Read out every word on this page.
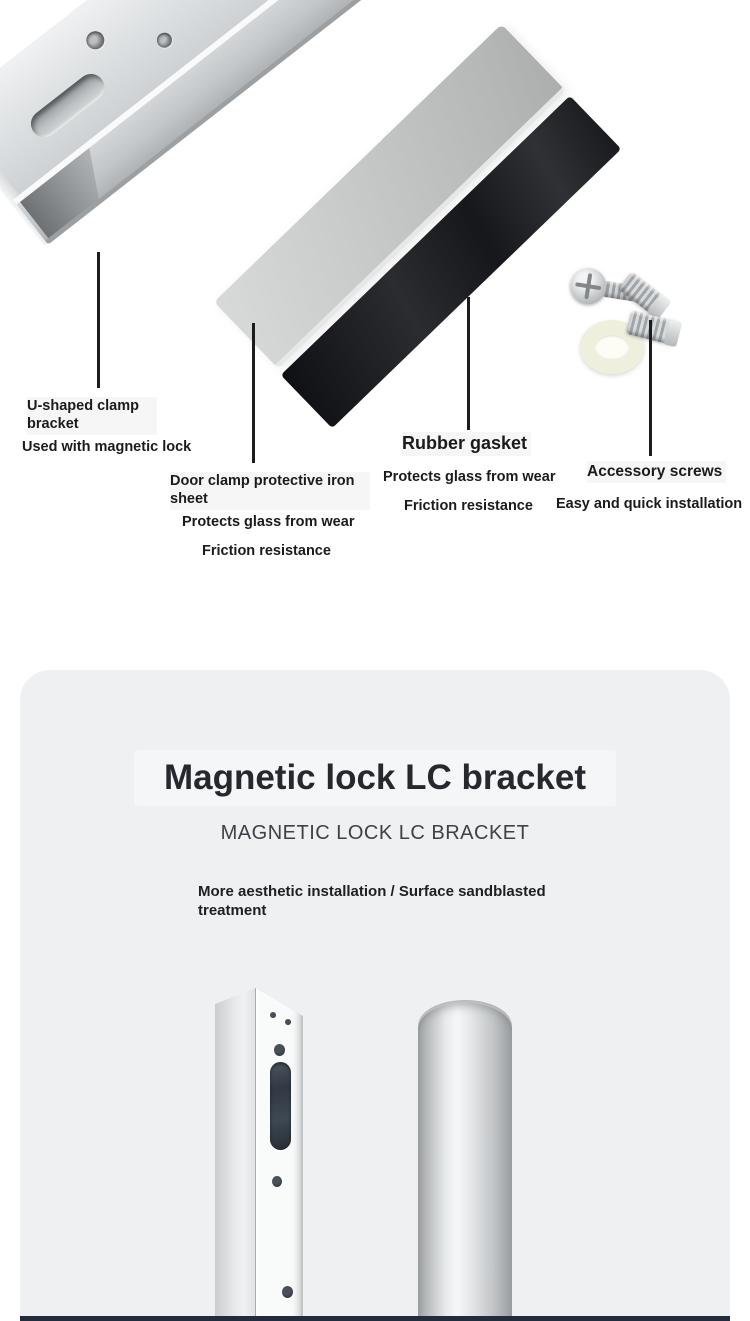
U-shaped clamp bracket
Used with magnetic lock
Door clamp protective iron sheet
Protects glass from wear
Friction resistance
Rubber gasket
Protects glass from wear
Friction resistance
Accessory screws
Easy and quick installation
Magnetic lock LC bracket
MAGNETIC LOCK LC BRACKET
More aesthetic installation / Surface sandblasted treatment
